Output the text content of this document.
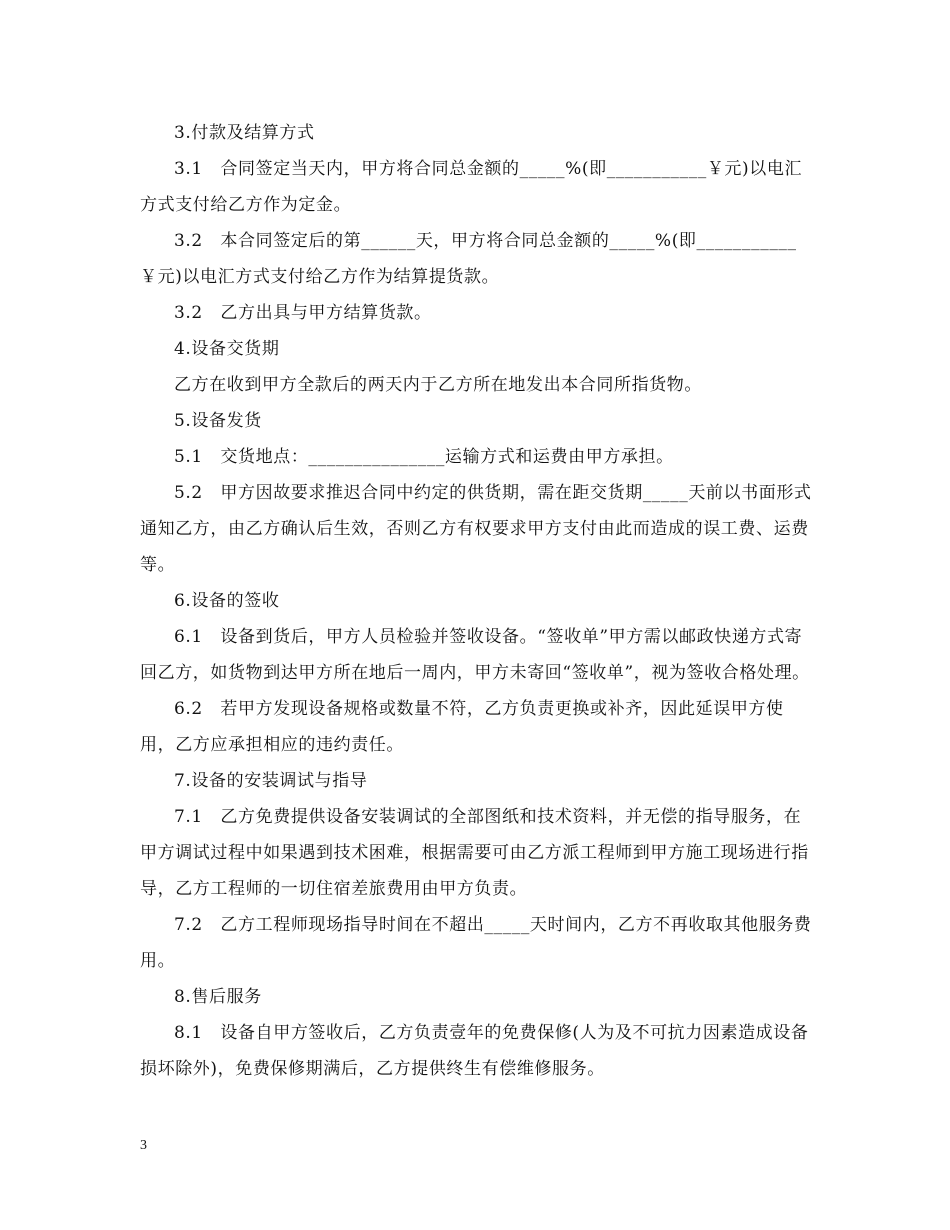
3.付款及结算方式

3.1　合同签定当天内，甲方将合同总金额的_____%(即___________￥元)以电汇方式支付给乙方作为定金。

3.2　本合同签定后的第______天，甲方将合同总金额的_____%(即___________￥元)以电汇方式支付给乙方作为结算提货款。

3.2　乙方出具与甲方结算货款。

4.设备交货期

乙方在收到甲方全款后的两天内于乙方所在地发出本合同所指货物。

5.设备发货

5.1　交货地点：_______________运输方式和运费由甲方承担。

5.2　甲方因故要求推迟合同中约定的供货期，需在距交货期_____天前以书面形式通知乙方，由乙方确认后生效，否则乙方有权要求甲方支付由此而造成的误工费、运费等。

6.设备的签收

6.1　设备到货后，甲方人员检验并签收设备。“签收单”甲方需以邮政快递方式寄回乙方，如货物到达甲方所在地后一周内，甲方未寄回“签收单”，视为签收合格处理。

6.2　若甲方发现设备规格或数量不符，乙方负责更换或补齐，因此延误甲方使用，乙方应承担相应的违约责任。

7.设备的安装调试与指导

7.1　乙方免费提供设备安装调试的全部图纸和技术资料，并无偿的指导服务，在甲方调试过程中如果遇到技术困难，根据需要可由乙方派工程师到甲方施工现场进行指导，乙方工程师的一切住宿差旅费用由甲方负责。

7.2　乙方工程师现场指导时间在不超出_____天时间内，乙方不再收取其他服务费用。

8.售后服务

8.1　设备自甲方签收后，乙方负责壹年的免费保修(人为及不可抗力因素造成设备损坏除外)，免费保修期满后，乙方提供终生有偿维修服务。

3
